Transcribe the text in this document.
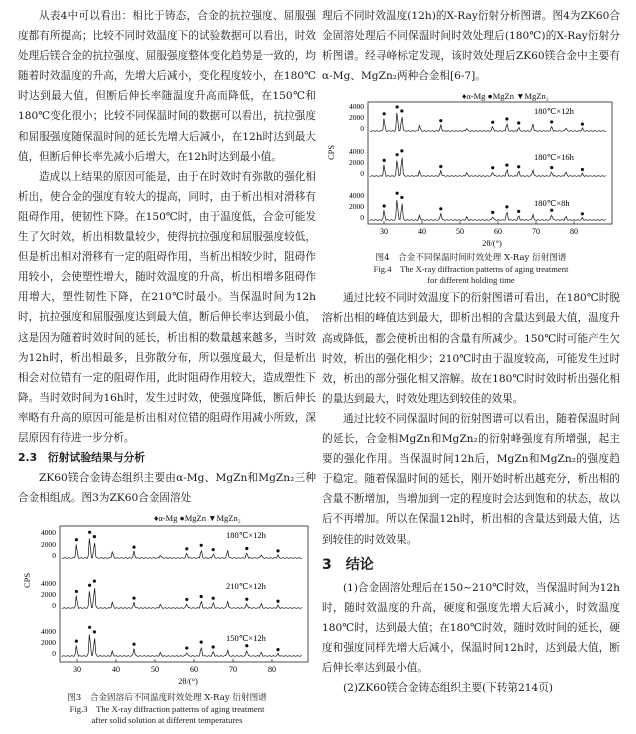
从表4中可以看出：相比于铸态，合金的抗拉强度、屈服强度都有所提高；比较不同时效温度下的试验数据可以看出，时效处理后镁合金的抗拉强度、屈服强度整体变化趋势是一致的，均随着时效温度的升高，先增大后减小，变化程度较小，在180℃时达到最大值，但断后伸长率随温度升高而降低，在150℃和180℃变化很小；比较不同保温时间的数据可以看出，抗拉强度和屈服强度随保温时间的延长先增大后减小，在12h时达到最大值，但断后伸长率先减小后增大，在12h时达到最小值。

造成以上结果的原因可能是，由于在时效时有弥散的强化相析出，使合金的强度有较大的提高，同时，由于析出相对滑移有阻碍作用，使韧性下降。在150℃时，由于温度低，合金可能发生了欠时效，析出相数量较少，使得抗拉强度和屈服强度较低，但是析出相对滑移有一定的阻碍作用，当析出相较少时，阻碍作用较小，会使塑性增大，随时效温度的升高，析出相增多阻碍作用增大，塑性韧性下降，在210℃时最小。当保温时间为12h时，抗拉强度和屈服强度达到最大值，断后伸长率达到最小值，这是因为随着时效时间的延长，析出相的数量越来越多，当时效为12h时，析出相最多，且弥散分布，所以强度最大，但是析出相会对位错有一定的阻碍作用，此时阻碍作用较大，造成塑性下降。当时效时间为16h时，发生过时效，使强度降低，断后伸长率略有升高的原因可能是析出相对位错的阻碍作用减小所致，深层原因有待进一步分析。

2.3　衍射试验结果与分析

ZK60镁合金铸态组织主要由α-Mg、MgZn和MgZn₂三种合金相组成。图3为ZK60合金固溶处

♦α-Mg ●MgZn ▼MgZn₂
CPS
2θ/(°)
30	40	50	60	70	80
180℃×12h
4000
2000
0
210℃×12h
4000
2000
0
150℃×12h
4000
2000
0

图3　合金固溶后不同温度时效处理 X-Ray 衍射图谱

Fig.3　The X-ray diffraction patterns of aging treatment

after solid solution at different temperatures

理后不同时效温度(12h)的X-Ray衍射分析图谱。图4为ZK60合金固溶处理后不同保温时间时效处理后(180℃)的X-Ray衍射分析图谱。经寻峰标定发现，该时效处理后ZK60镁合金中主要有α-Mg、MgZn₂两种合金相[6-7]。

♦α-Mg ●MgZn ▼MgZn₂
CPS
2θ/(°)
30	40	50	60	70	80
180℃×12h
4000
2000
0
180℃×16h
4000
2000
0
180℃×8h
4000
2000
0

图4　合金不同保温时间时效处理 X-Ray 衍射图谱

Fig.4　The X-ray diffraction patterns of aging treatment

for different holding time

通过比较不同时效温度下的衍射图谱可看出，在180℃时脱溶析出相的峰值达到最大，即析出相的含量达到最大值，温度升高或降低，都会使析出相的含量有所减少。150℃时可能产生欠时效，析出的强化相少；210℃时由于温度较高，可能发生过时效，析出的部分强化相又溶解。故在180℃时时效时析出强化相的量达到最大，时效处理达到较佳的效果。

通过比较不同保温时间的衍射图谱可以看出，随着保温时间的延长，合金相MgZn和MgZn₂的衍射峰强度有所增强，起主要的强化作用。当保温时间12h后，MgZn和MgZn₂的强度趋于稳定。随着保温时间的延长，刚开始时析出越充分，析出相的含量不断增加，当增加到一定的程度时会达到饱和的状态，故以后不再增加。所以在保温12h时，析出相的含量达到最大值，达到较佳的时效效果。

3　结论

(1)合金固溶处理后在150~210℃时效，当保温时间为12h时，随时效温度的升高，硬度和强度先增大后减小，时效温度180℃时，达到最大值；在180℃时效，随时效时间的延长，硬度和强度同样先增大后减小，保温时间12h时，达到最大值，断后伸长率达到最小值。

(2)ZK60镁合金铸态组织主要(下转第214页)
